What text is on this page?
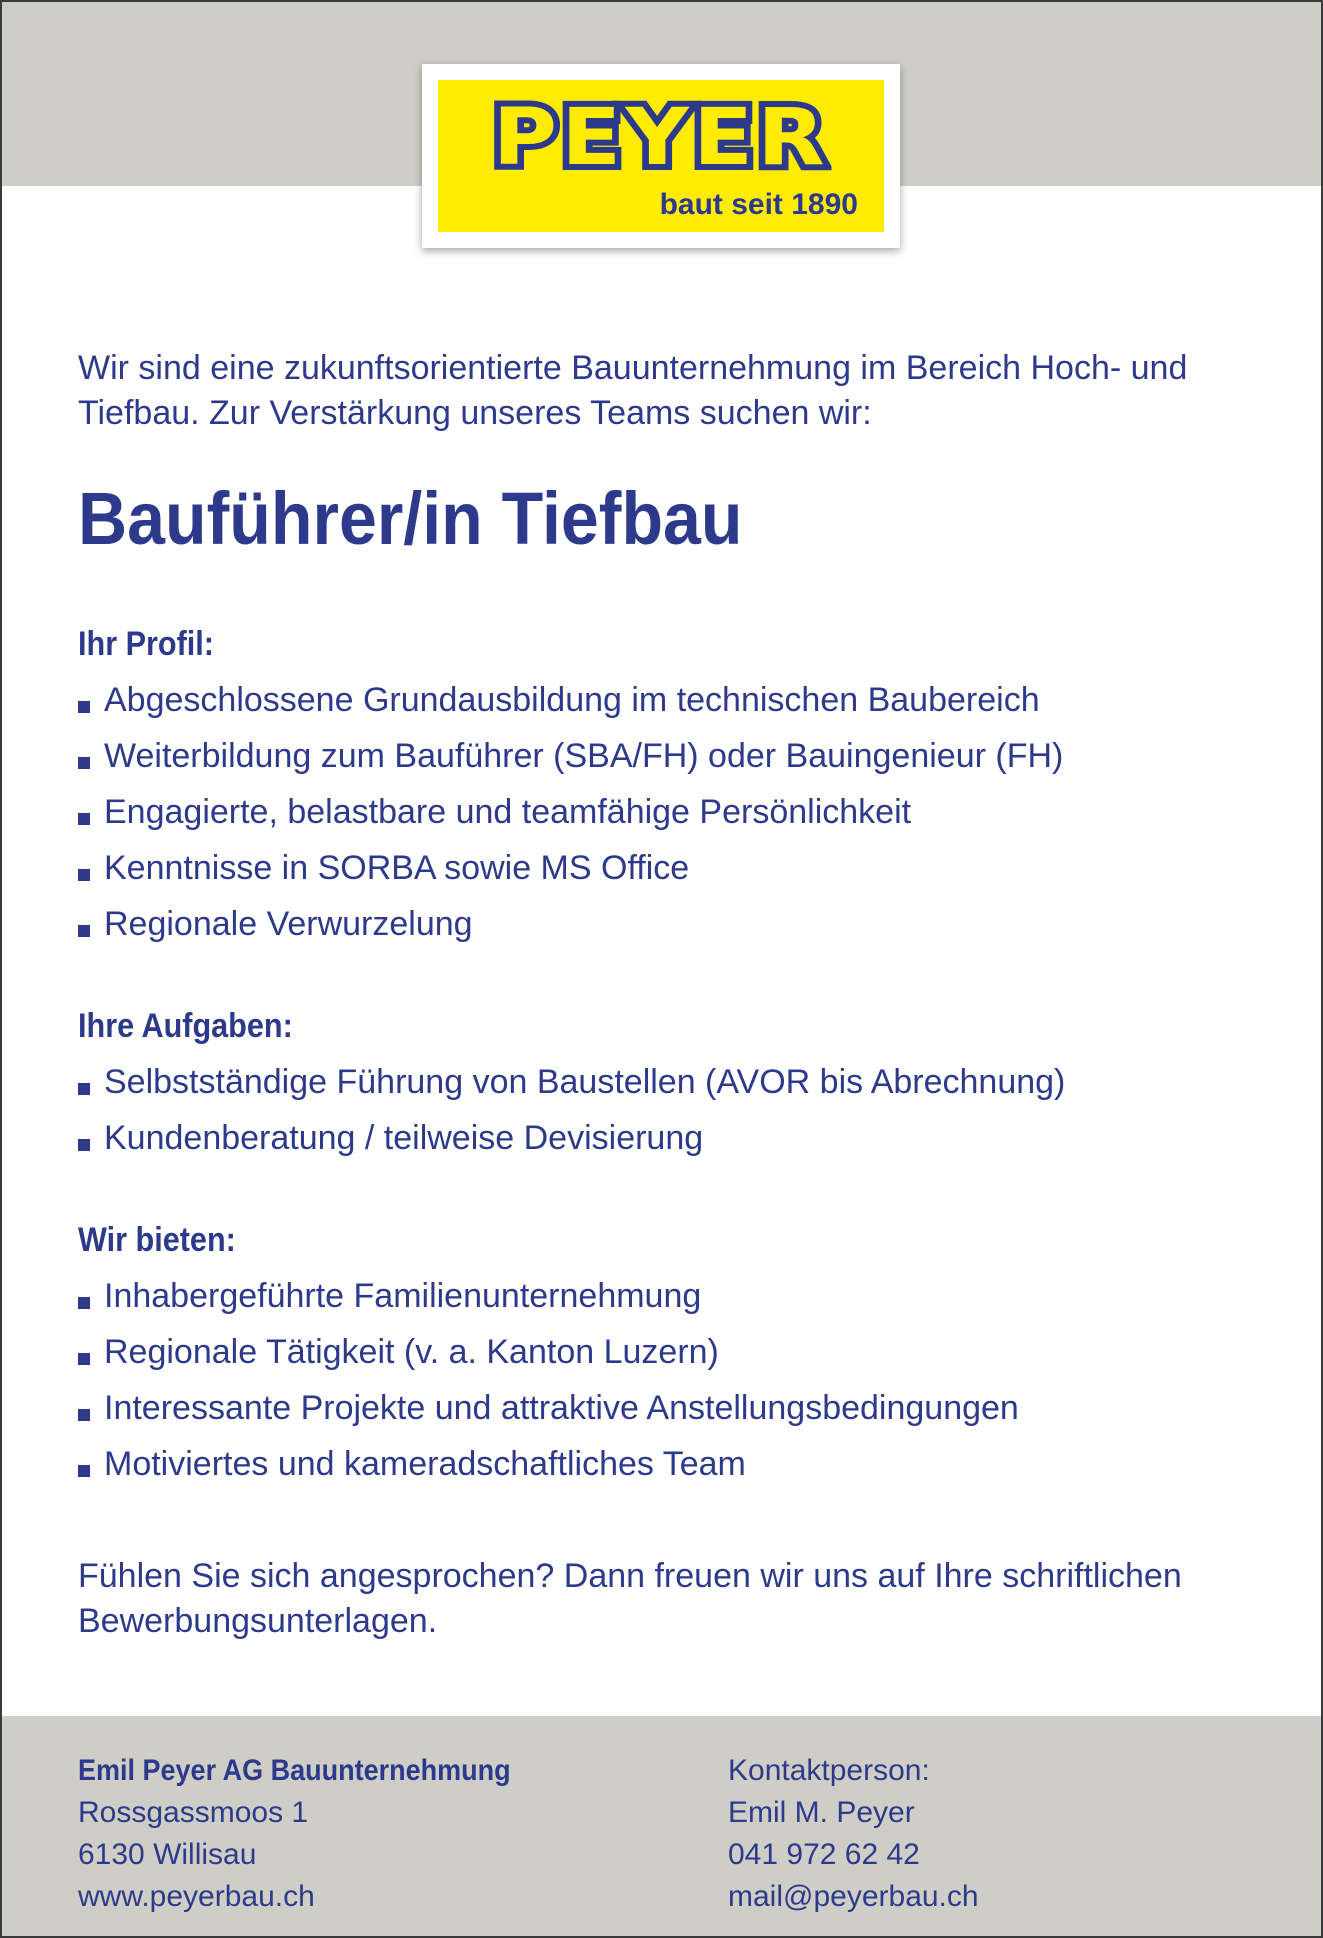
PEYER
baut seit 1890

Wir sind eine zukunftsorientierte Bauunternehmung im Bereich Hoch- und Tiefbau. Zur Verstärkung unseres Teams suchen wir:

Bauführer/in Tiefbau
Ihr Profil:
Abgeschlossene Grundausbildung im technischen Baubereich
Weiterbildung zum Bauführer (SBA/FH) oder Bauingenieur (FH)
Engagierte, belastbare und teamfähige Persönlichkeit
Kenntnisse in SORBA sowie MS Office
Regionale Verwurzelung
Ihre Aufgaben:
Selbstständige Führung von Baustellen (AVOR bis Abrechnung)
Kundenberatung / teilweise Devisierung
Wir bieten:
Inhabergeführte Familienunternehmung
Regionale Tätigkeit (v. a. Kanton Luzern)
Interessante Projekte und attraktive Anstellungsbedingungen
Motiviertes und kameradschaftliches Team

Fühlen Sie sich angesprochen? Dann freuen wir uns auf Ihre schriftlichen Bewerbungsunterlagen.

Emil Peyer AG Bauunternehmung
Rossgassmoos 1
6130 Willisau
www.peyerbau.ch
Kontaktperson:
Emil M. Peyer
041 972 62 42
mail@peyerbau.ch
